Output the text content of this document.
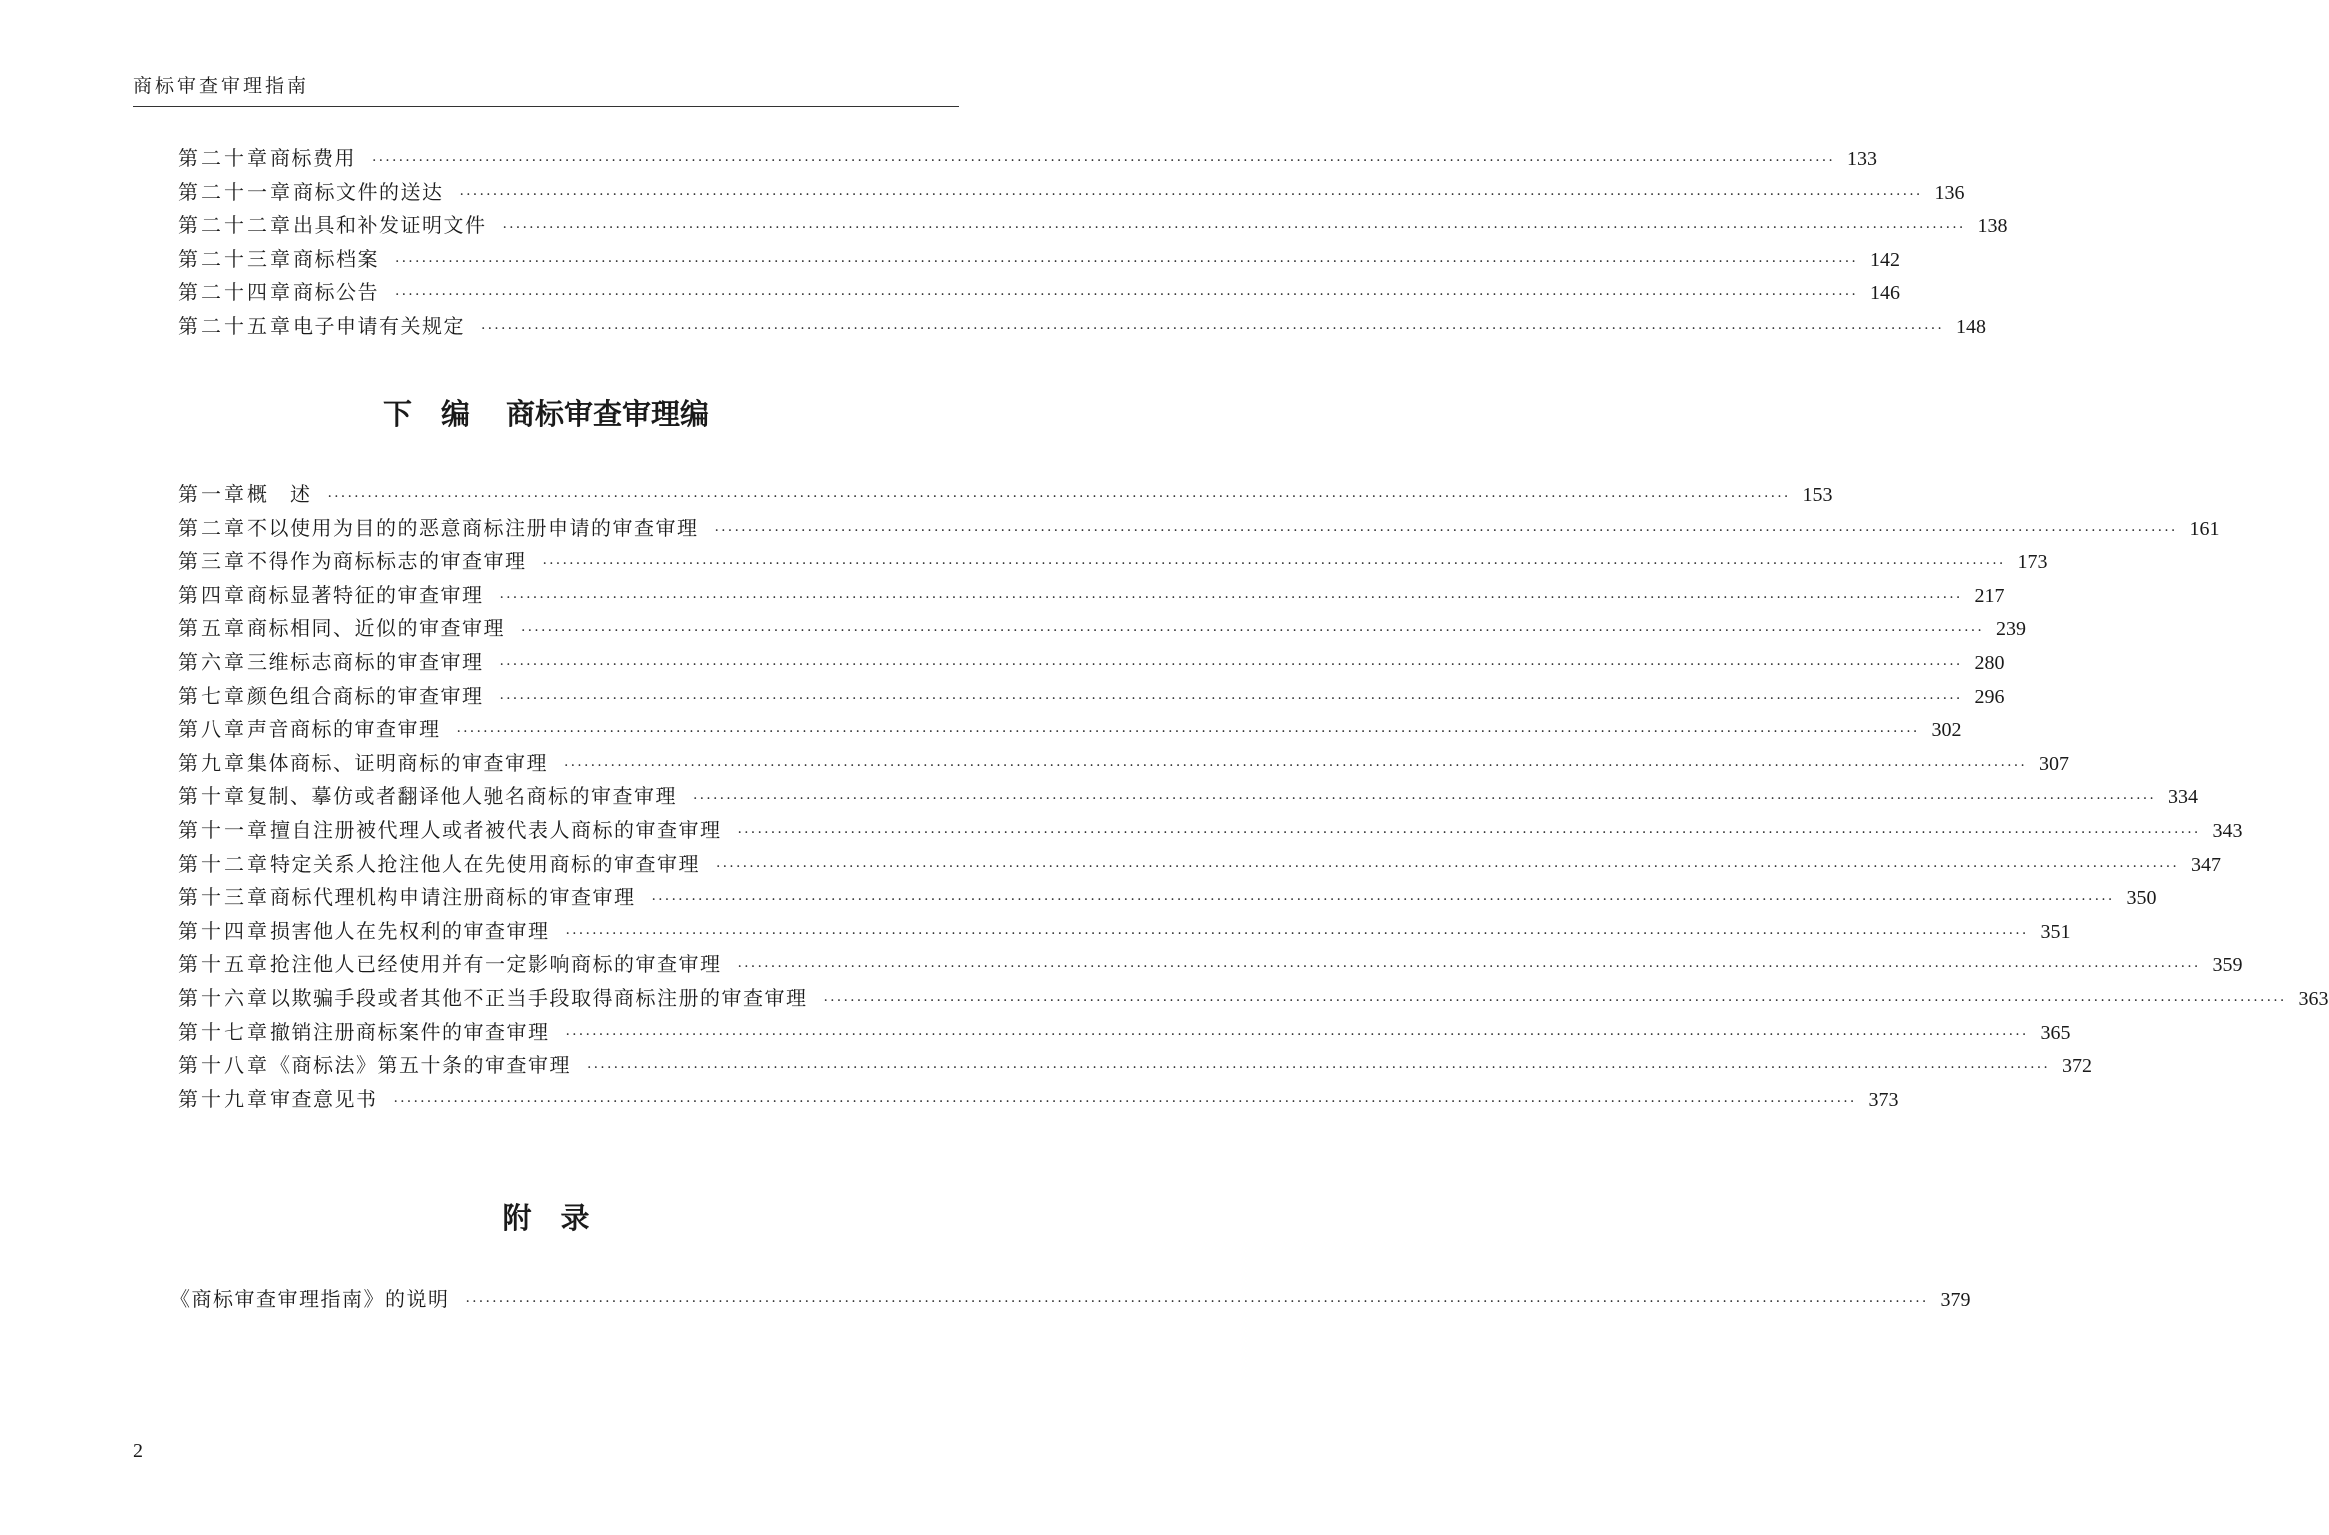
商标审查审理指南
第二十章 商标费用 ···························································································································································································································· 133
第二十一章 商标文件的送达 ···························································································································································································································· 136
第二十二章 出具和补发证明文件 ···························································································································································································································· 138
第二十三章 商标档案 ···························································································································································································································· 142
第二十四章 商标公告 ···························································································································································································································· 146
第二十五章 电子申请有关规定 ···························································································································································································································· 148
下　编 商标审查审理编
第一章 概　述 ···························································································································································································································· 153
第二章 不以使用为目的的恶意商标注册申请的审查审理 ···························································································································································································································· 161
第三章 不得作为商标标志的审查审理 ···························································································································································································································· 173
第四章 商标显著特征的审查审理 ···························································································································································································································· 217
第五章 商标相同、近似的审查审理 ···························································································································································································································· 239
第六章 三维标志商标的审查审理 ···························································································································································································································· 280
第七章 颜色组合商标的审查审理 ···························································································································································································································· 296
第八章 声音商标的审查审理 ···························································································································································································································· 302
第九章 集体商标、证明商标的审查审理 ···························································································································································································································· 307
第十章 复制、摹仿或者翻译他人驰名商标的审查审理 ···························································································································································································································· 334
第十一章 擅自注册被代理人或者被代表人商标的审查审理 ···························································································································································································································· 343
第十二章 特定关系人抢注他人在先使用商标的审查审理 ···························································································································································································································· 347
第十三章 商标代理机构申请注册商标的审查审理 ···························································································································································································································· 350
第十四章 损害他人在先权利的审查审理 ···························································································································································································································· 351
第十五章 抢注他人已经使用并有一定影响商标的审查审理 ···························································································································································································································· 359
第十六章 以欺骗手段或者其他不正当手段取得商标注册的审查审理 ···························································································································································································································· 363
第十七章 撤销注册商标案件的审查审理 ···························································································································································································································· 365
第十八章 《商标法》第五十条的审查审理 ···························································································································································································································· 372
第十九章 审查意见书 ···························································································································································································································· 373
附　录
《商标审查审理指南》的说明 ···························································································································································································································· 379
2
